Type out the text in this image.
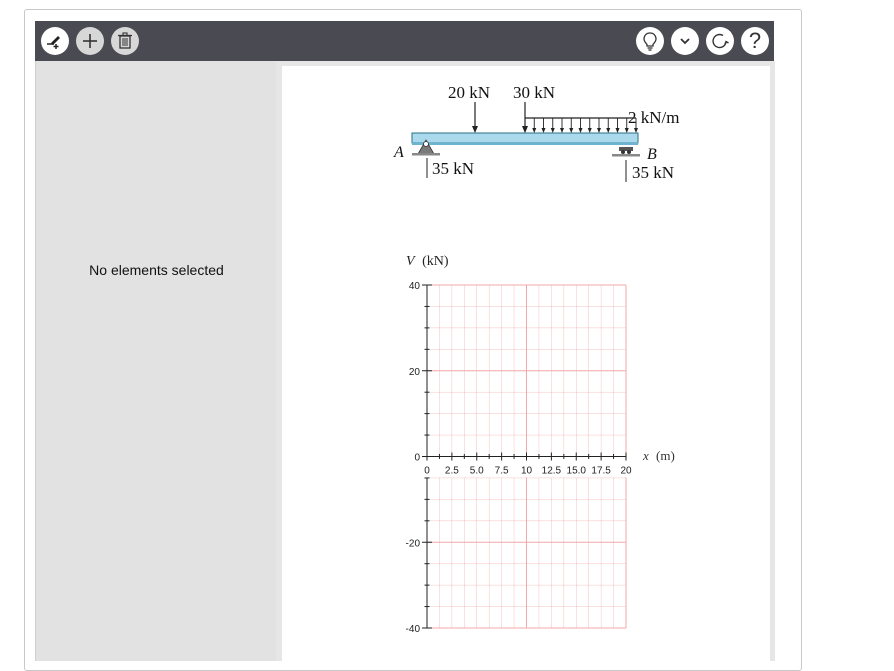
?
No elements selected
20 kN 30 kN
2 kN/m
A
35 kN
B
35 kN
V (kN)
40
20
0
-20
-40
0 2.5 5.0 7.5 10 12.5 15.0 17.5 20
x (m)
